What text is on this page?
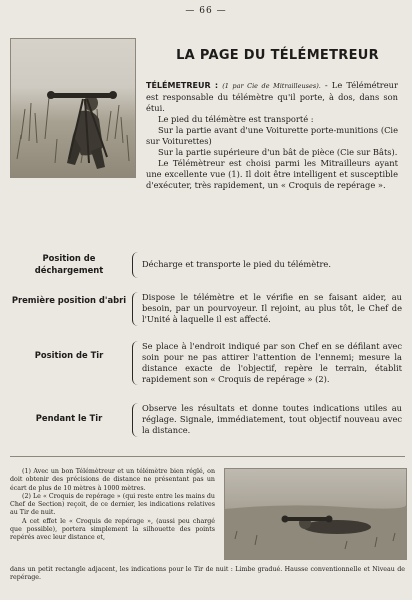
— 66 —
LA PAGE DU TÉLÉMETREUR

TÉLÉMETREUR : (1 par Cie de Mitrailleuses). - Le Télémétreur est responsable du télémètre qu'il porte, à dos, dans son étui.

Le pied du télémètre est transporté :

Sur la partie avant d'une Voiturette porte-munitions (Cie sur Voiturettes)

Sur la partie supérieure d'un bât de pièce (Cie sur Bâts).

Le Télémètreur est choisi parmi les Mitrailleurs ayant une excellente vue (1). Il doit être intelligent et susceptible d'exécuter, très rapidement, un « Croquis de repérage ».

Position de déchargement
Décharge et transporte le pied du télémètre.
Première position d'abri Dispose le télémètre et le vérifie en se faisant aider, au besoin, par un pourvoyeur. Il rejoint, au plus tôt, le Chef de l'Unité à laquelle il est affecté.
Position de Tir
Se place à l'endroit indiqué par son Chef en se défilant avec soin pour ne pas attirer l'attention de l'ennemi; mesure la distance exacte de l'objectif, repère le terrain, établit rapidement son « Croquis de repérage » (2).
Pendant le Tir
Observe les résultats et donne toutes indications utiles au réglage. Signale, immédiatement, tout objectif nouveau avec la distance.

(1) Avec un bon Télémètreur et un télémètre bien réglé, on doit obtenir des précisions de distance ne présentant pas un écart de plus de 10 mètres à 1000 mètres.

(2) Le « Croquis de repérage » (qui reste entre les mains du Chef de Section) reçoit, de ce dernier, les indications relatives au Tir de nuit.

A cet effet le « Croquis de repérage », (aussi peu chargé que possible), portera simplement la silhouette des points repérés avec leur distance et,

dans un petit rectangle adjacent, les indications pour le Tir de nuit : Limbe gradué. Hausse conventionnelle et Niveau de repérage.
